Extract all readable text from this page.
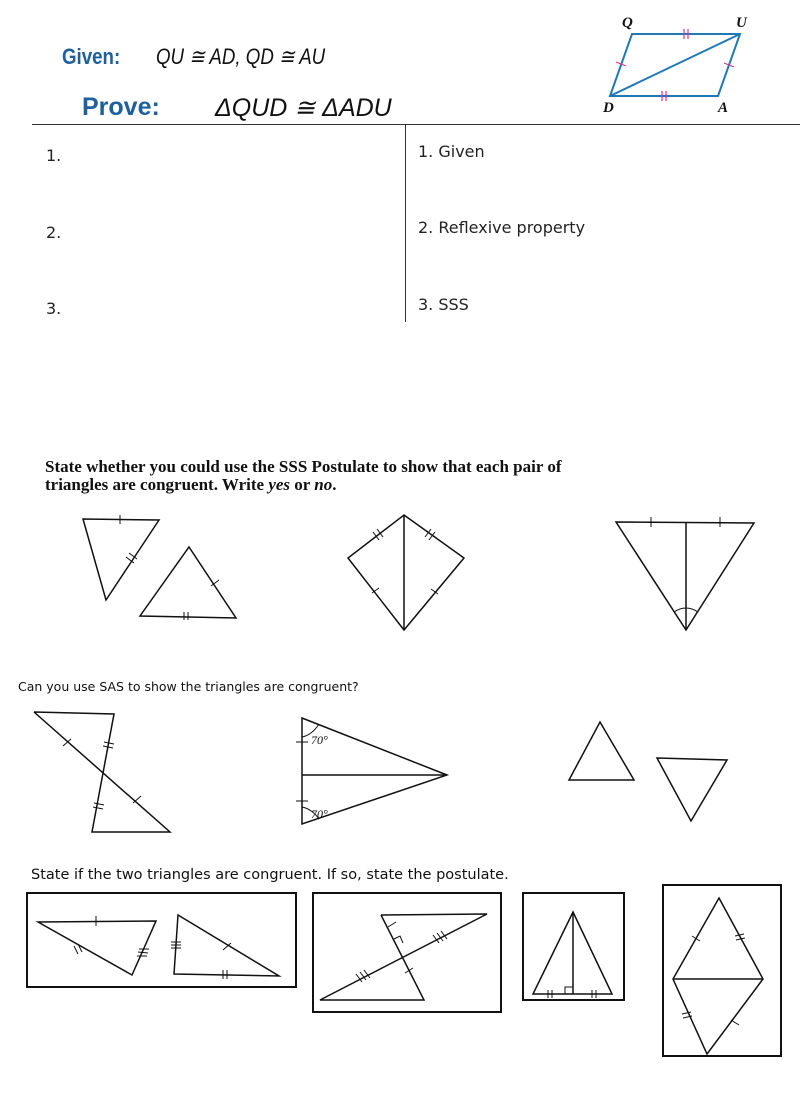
Given: QU ≅ AD, QD ≅ AU
Prove: ΔQUD ≅ ΔADU
Q	U
D	A
1.
2.
3.
1. Given
2. Reflexive property
3. SSS
State whether you could use the SSS Postulate to show that each pair of
triangles are congruent. Write yes or no.
Can you use SAS to show the triangles are congruent?
70°
70°
State if the two triangles are congruent. If so, state the postulate.
